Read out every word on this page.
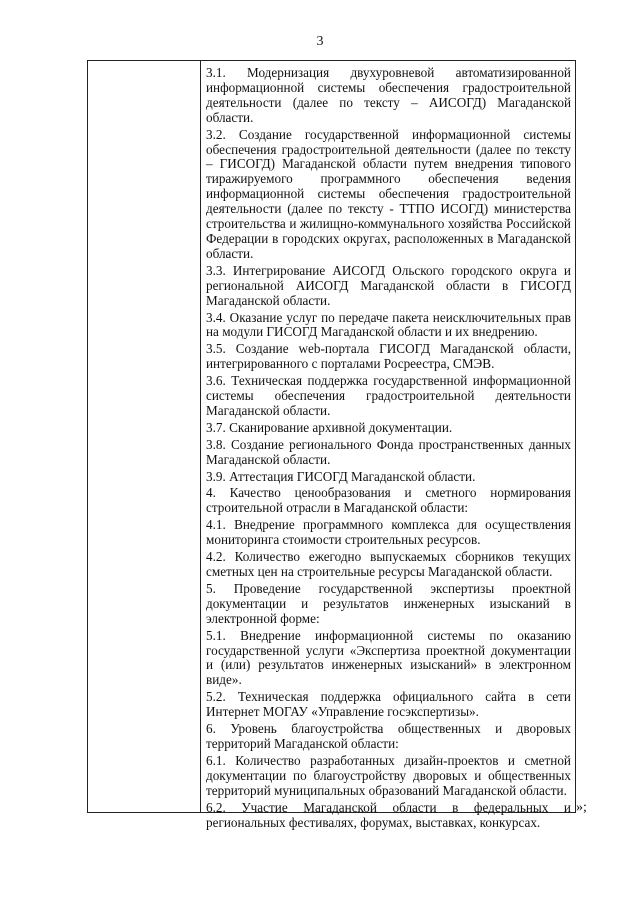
3

3.1. Модернизация двухуровневой автоматизированной информационной системы обеспечения градостроительной деятельности (далее по тексту – АИСОГД) Магаданской области.

3.2. Создание государственной информационной системы обеспечения градостроительной деятельности (далее по тексту – ГИСОГД) Магаданской области путем внедрения типового тиражируемого программного обеспечения ведения информационной системы обеспечения градостроительной деятельности (далее по тексту - ТТПО ИСОГД) министерства строительства и жилищно-коммунального хозяйства Российской Федерации в городских округах, расположенных в Магаданской области.

3.3. Интегрирование АИСОГД Ольского городского округа и региональной АИСОГД Магаданской области в ГИСОГД Магаданской области.

3.4. Оказание услуг по передаче пакета неисключительных прав на модули ГИСОГД Магаданской области и их внедрению.

3.5. Создание web-портала ГИСОГД Магаданской области, интегрированного с порталами Росреестра, СМЭВ.

3.6. Техническая поддержка государственной информационной системы обеспечения градостроительной деятельности Магаданской области.

3.7. Сканирование архивной документации.

3.8. Создание регионального Фонда пространственных данных Магаданской области.

3.9. Аттестация ГИСОГД Магаданской области.

4. Качество ценообразования и сметного нормирования строительной отрасли в Магаданской области:

4.1. Внедрение программного комплекса для осуществления мониторинга стоимости строительных ресурсов.

4.2. Количество ежегодно выпускаемых сборников текущих сметных цен на строительные ресурсы Магаданской области.

5. Проведение государственной экспертизы проектной документации и результатов инженерных изысканий в электронной форме:

5.1. Внедрение информационной системы по оказанию государственной услуги «Экспертиза проектной документации и (или) результатов инженерных изысканий» в электронном виде».

5.2. Техническая поддержка официального сайта в сети Интернет МОГАУ «Управление госэкспертизы».

6. Уровень благоустройства общественных и дворовых территорий Магаданской области:

6.1. Количество разработанных дизайн-проектов и сметной документации по благоустройству дворовых и общественных территорий муниципальных образований Магаданской области.

6.2. Участие Магаданской области в федеральных и региональных фестивалях, форумах, выставках, конкурсах.

»;
